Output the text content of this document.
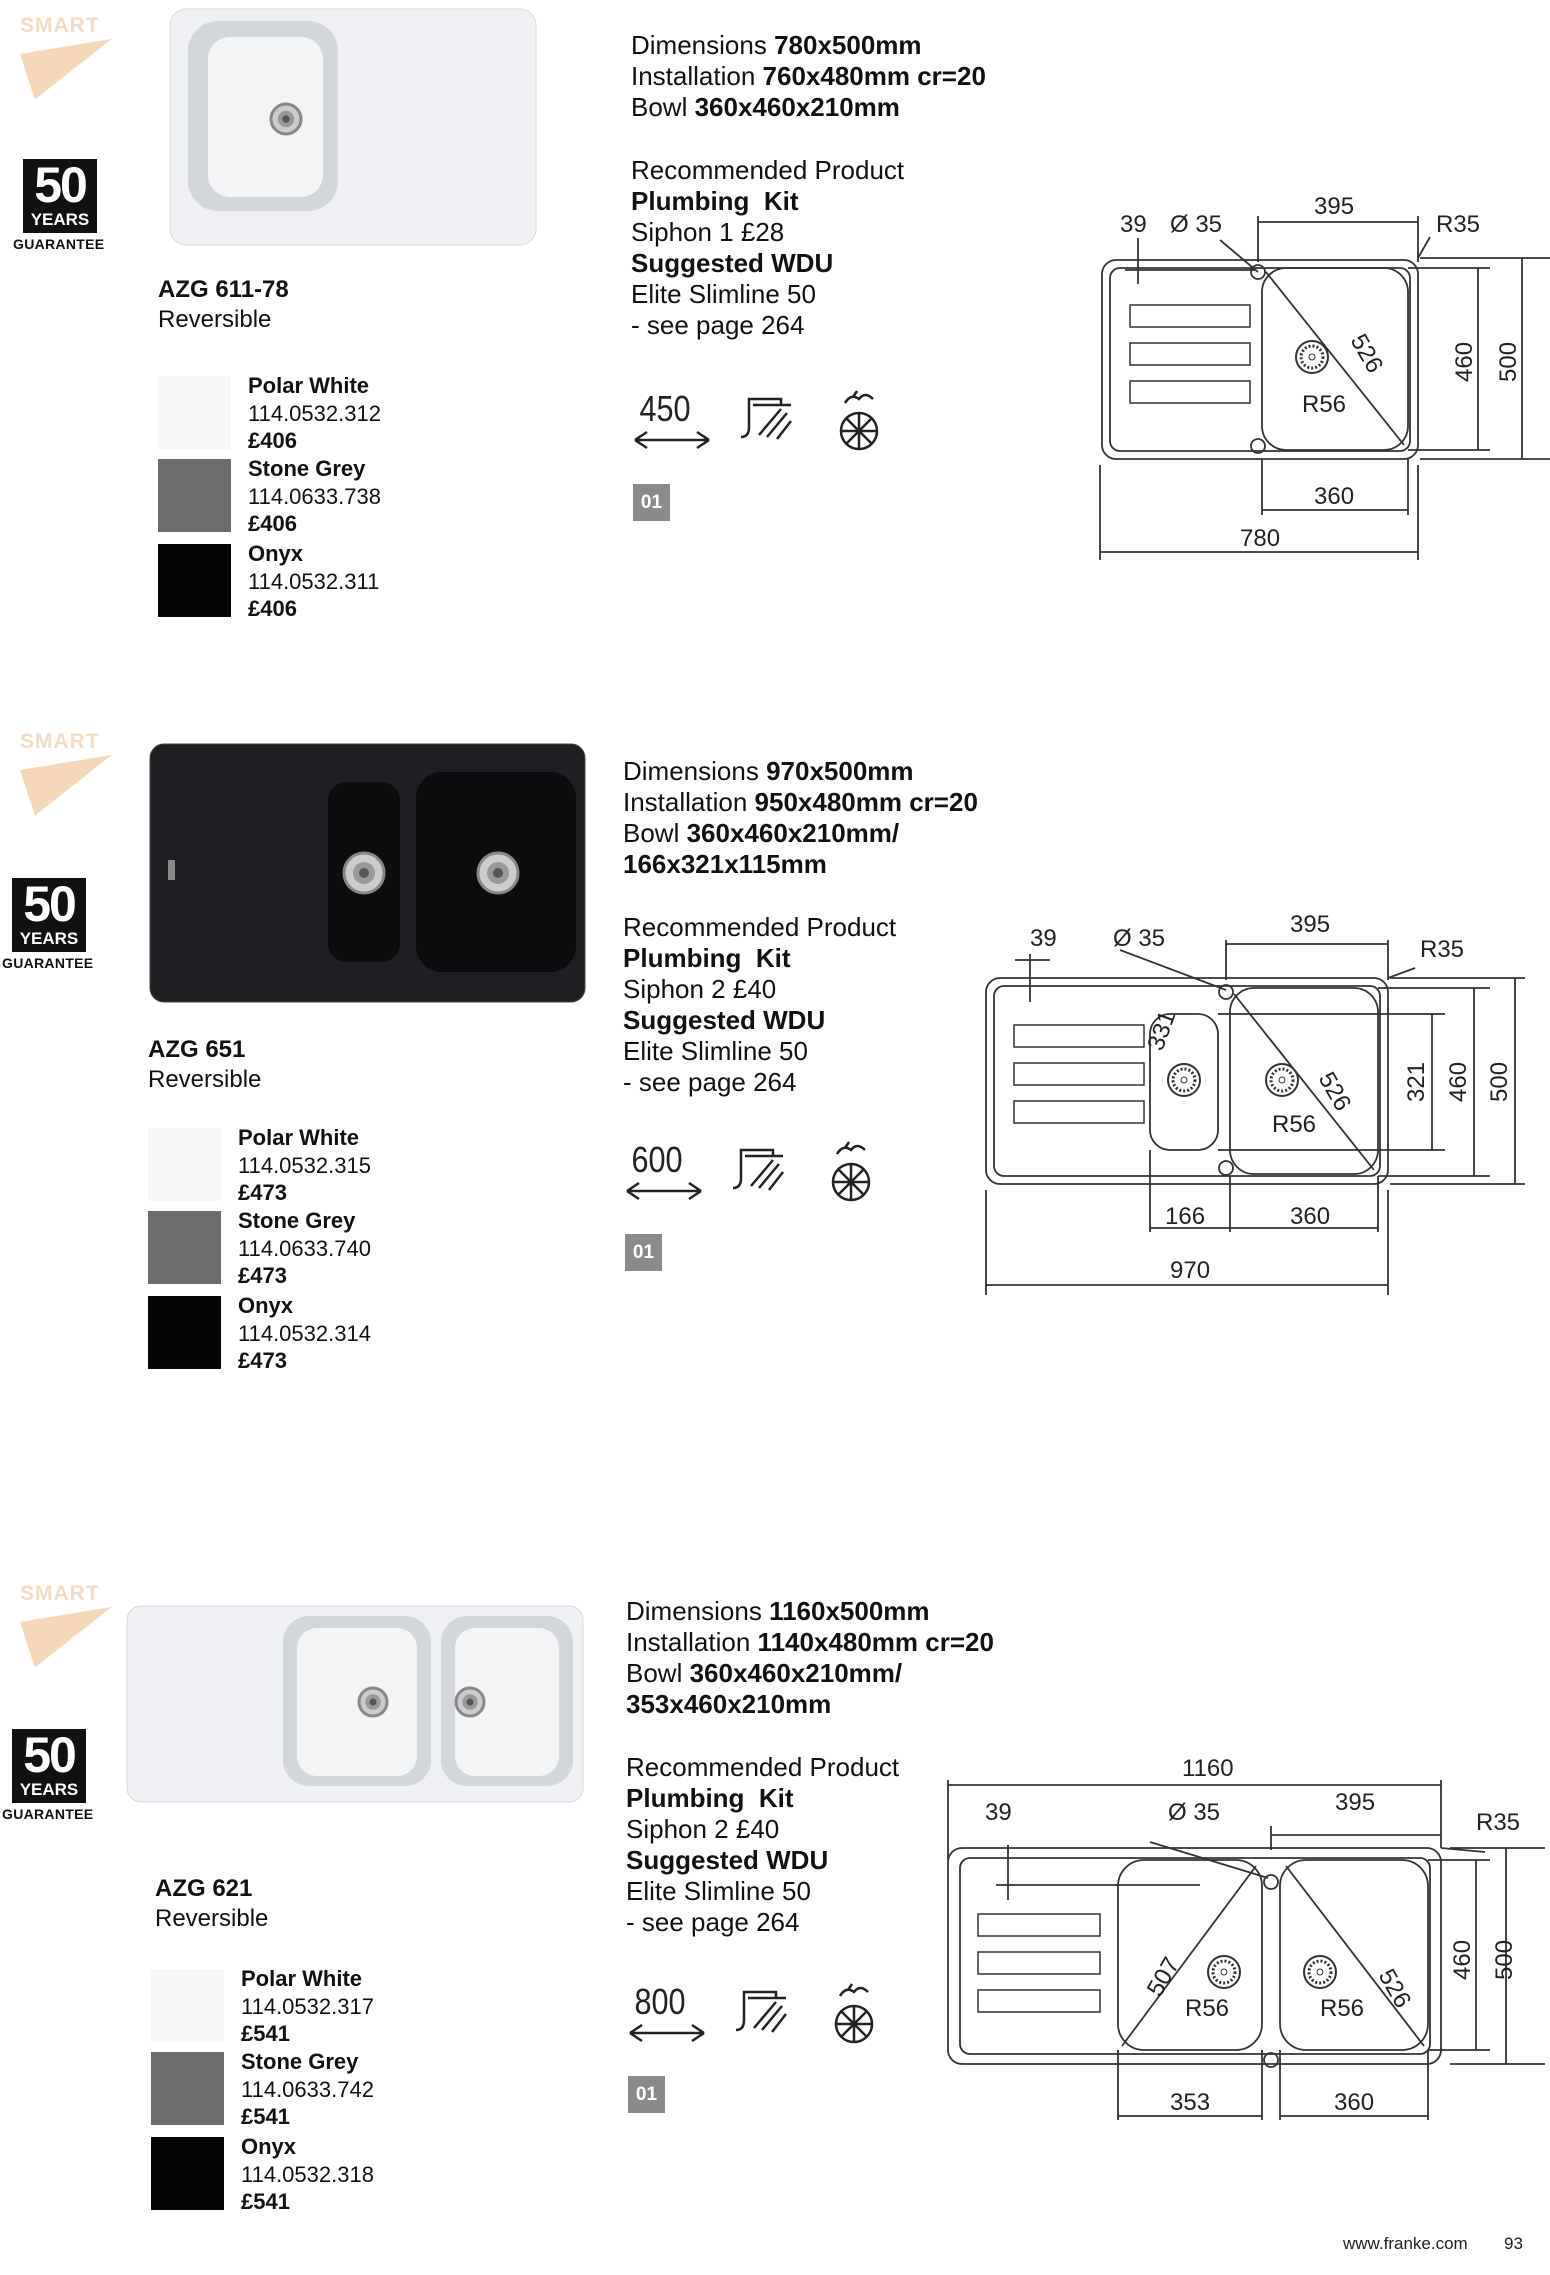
SMART
50
YEARS
GUARANTEE
AZG 611-78
Reversible
Polar White
114.0532.312
£406
Stone Grey
114.0633.738
£406
Onyx
114.0532.311
£406
Dimensions 780x500mm
Installation 760x480mm cr=20
Bowl 360x460x210mm
Recommended Product
Plumbing  Kit
Siphon 1 £28
Suggested WDU
Elite Slimline 50
- see page 264
450
01
39 Ø 35
395
R35
526
R56
460 500
360
780
SMART
50
YEARS
GUARANTEE
AZG 651
Reversible
Polar White
114.0532.315
£473
Stone Grey
114.0633.740
£473
Onyx
114.0532.314
£473
Dimensions 970x500mm
Installation 950x480mm cr=20
Bowl 360x460x210mm/
166x321x115mm
Recommended Product
Plumbing  Kit
Siphon 2 £40
Suggested WDU
Elite Slimline 50
- see page 264
600
01
39 Ø 35
395
R35
331
526
R56
321 460 500
166	360
970
SMART
50
YEARS
GUARANTEE
AZG 621
Reversible
Polar White
114.0532.317
£541
Stone Grey
114.0633.742
£541
Onyx
114.0532.318
£541
Dimensions 1160x500mm
Installation 1140x480mm cr=20
Bowl 360x460x210mm/
353x460x210mm
Recommended Product
Plumbing  Kit
Siphon 2 £40
Suggested WDU
Elite Slimline 50
- see page 264
800
01
1160
39	Ø 35	395
R35
507
R56	R56 526
460 500
353	360
www.franke.com 93
